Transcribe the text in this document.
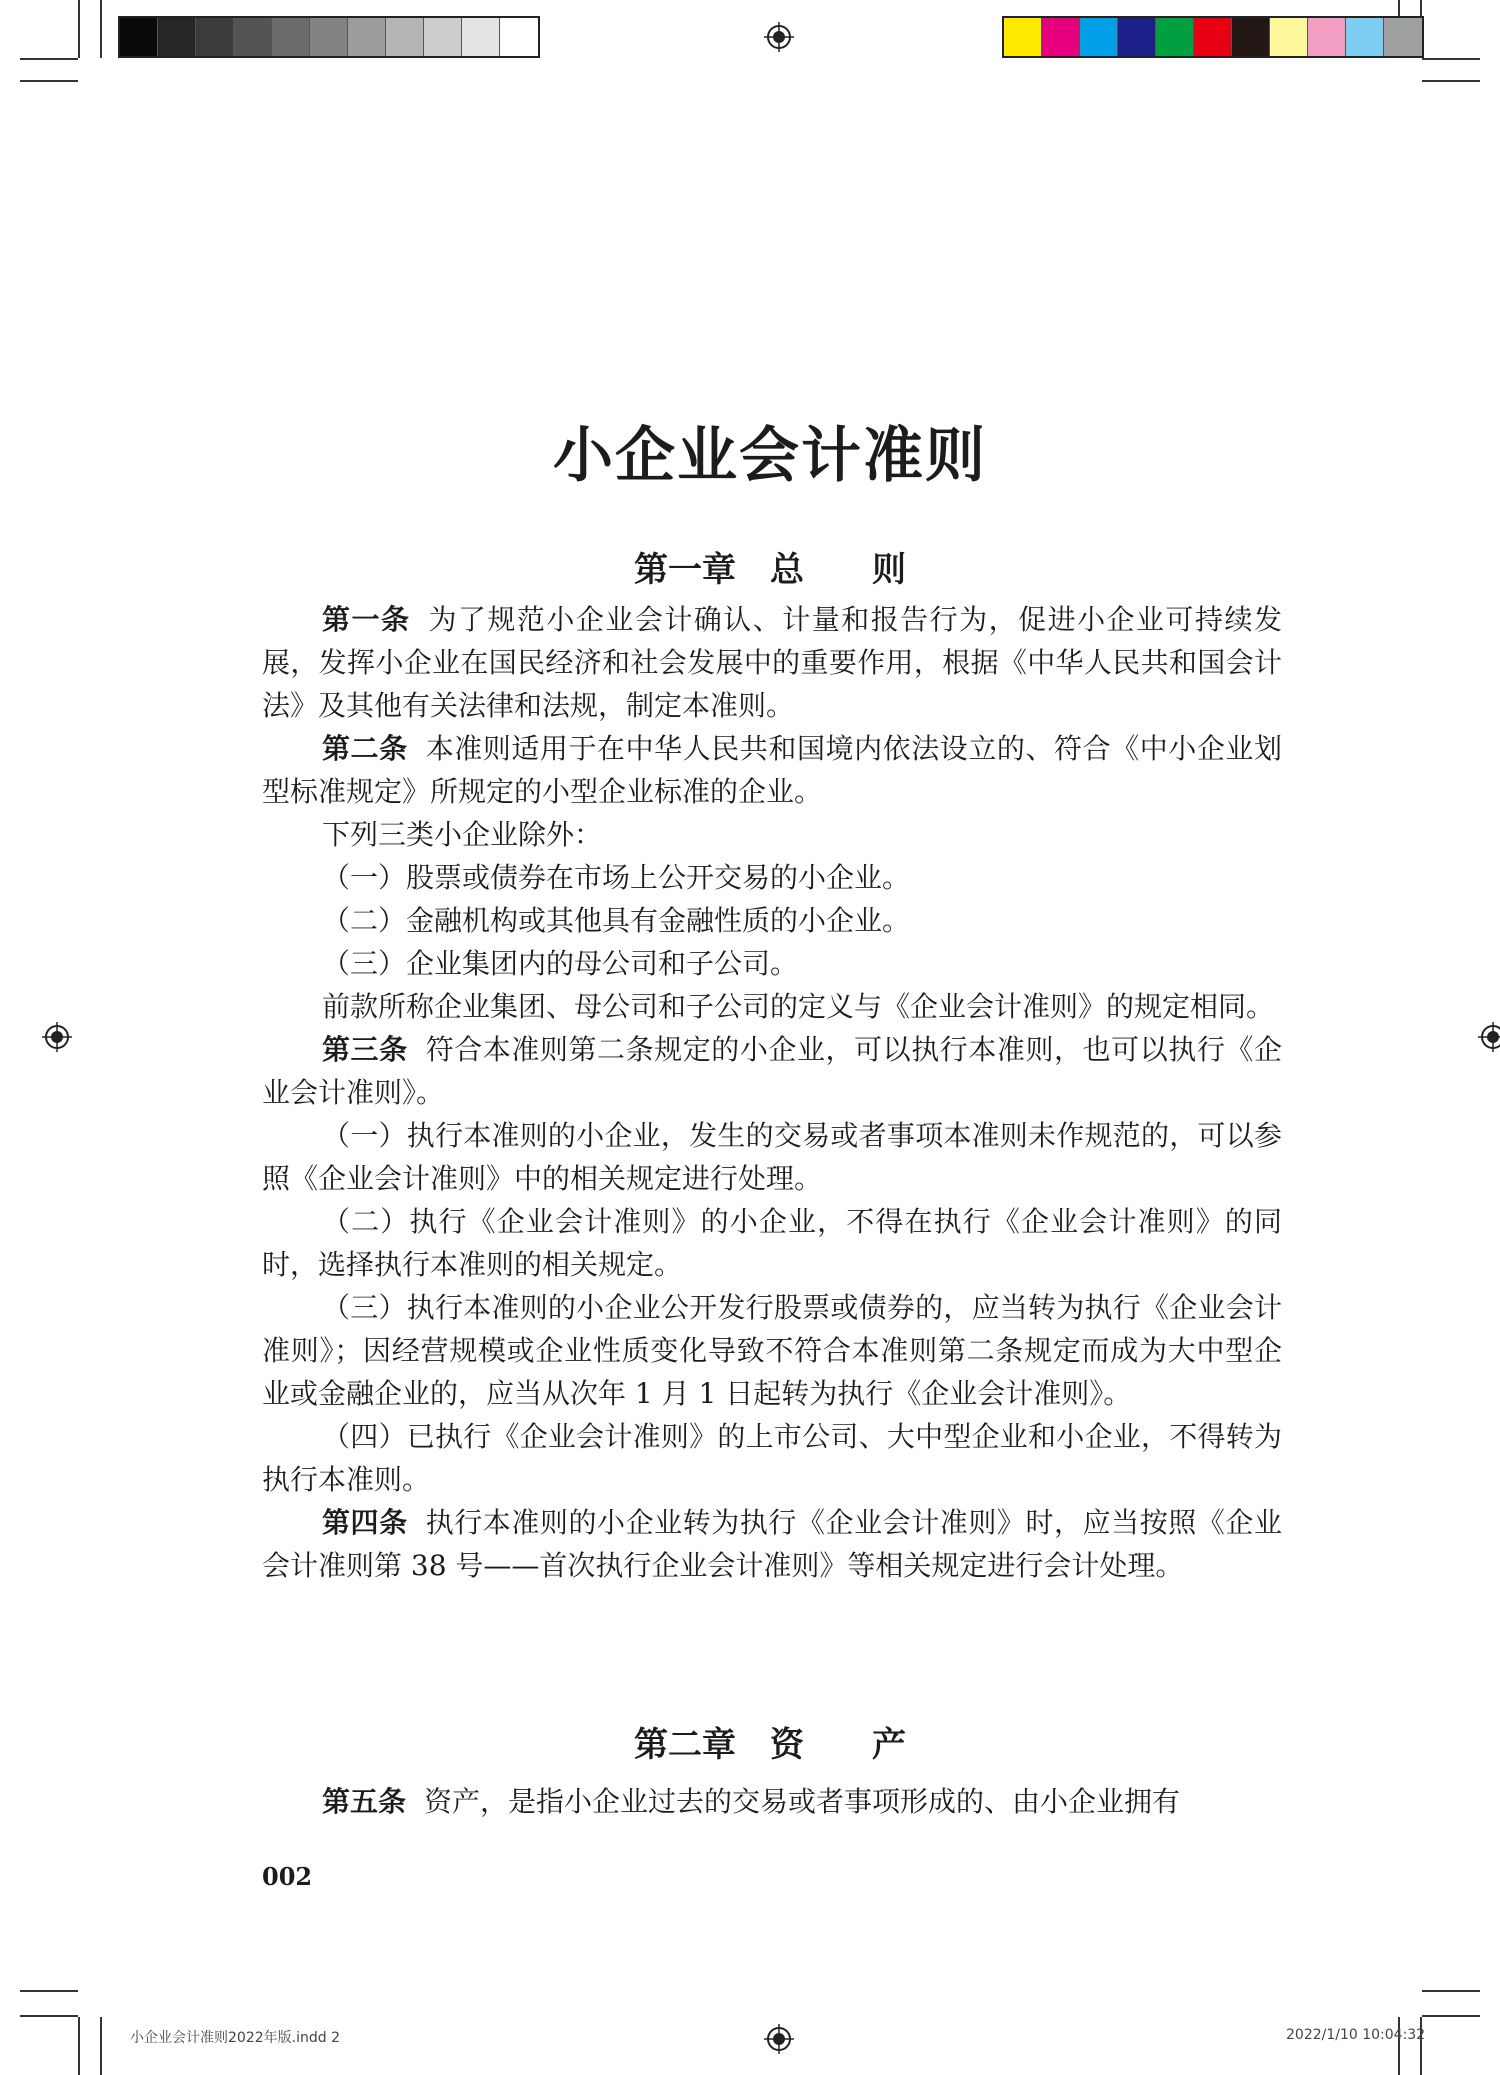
小企业会计准则
第一章　总　　则

第一条 为了规范小企业会计确认、计量和报告行为，促进小企业可持续发展，发挥小企业在国民经济和社会发展中的重要作用，根据《中华人民共和国会计法》及其他有关法律和法规，制定本准则。

第二条 本准则适用于在中华人民共和国境内依法设立的、符合《中小企业划型标准规定》所规定的小型企业标准的企业。

下列三类小企业除外：

（一）股票或债券在市场上公开交易的小企业。

（二）金融机构或其他具有金融性质的小企业。

（三）企业集团内的母公司和子公司。

前款所称企业集团、母公司和子公司的定义与《企业会计准则》的规定相同。

第三条 符合本准则第二条规定的小企业，可以执行本准则，也可以执行《企业会计准则》。

（一）执行本准则的小企业，发生的交易或者事项本准则未作规范的，可以参照《企业会计准则》中的相关规定进行处理。

（二）执行《企业会计准则》的小企业，不得在执行《企业会计准则》的同时，选择执行本准则的相关规定。

（三）执行本准则的小企业公开发行股票或债券的，应当转为执行《企业会计准则》；因经营规模或企业性质变化导致不符合本准则第二条规定而成为大中型企业或金融企业的，应当从次年 1 月 1 日起转为执行《企业会计准则》。

（四）已执行《企业会计准则》的上市公司、大中型企业和小企业，不得转为执行本准则。

第四条 执行本准则的小企业转为执行《企业会计准则》时，应当按照《企业会计准则第 38 号——首次执行企业会计准则》等相关规定进行会计处理。

第二章　资　　产

第五条 资产，是指小企业过去的交易或者事项形成的、由小企业拥有

002
小企业会计准则2022年版.indd 2	2022/1/10 10:04:32
